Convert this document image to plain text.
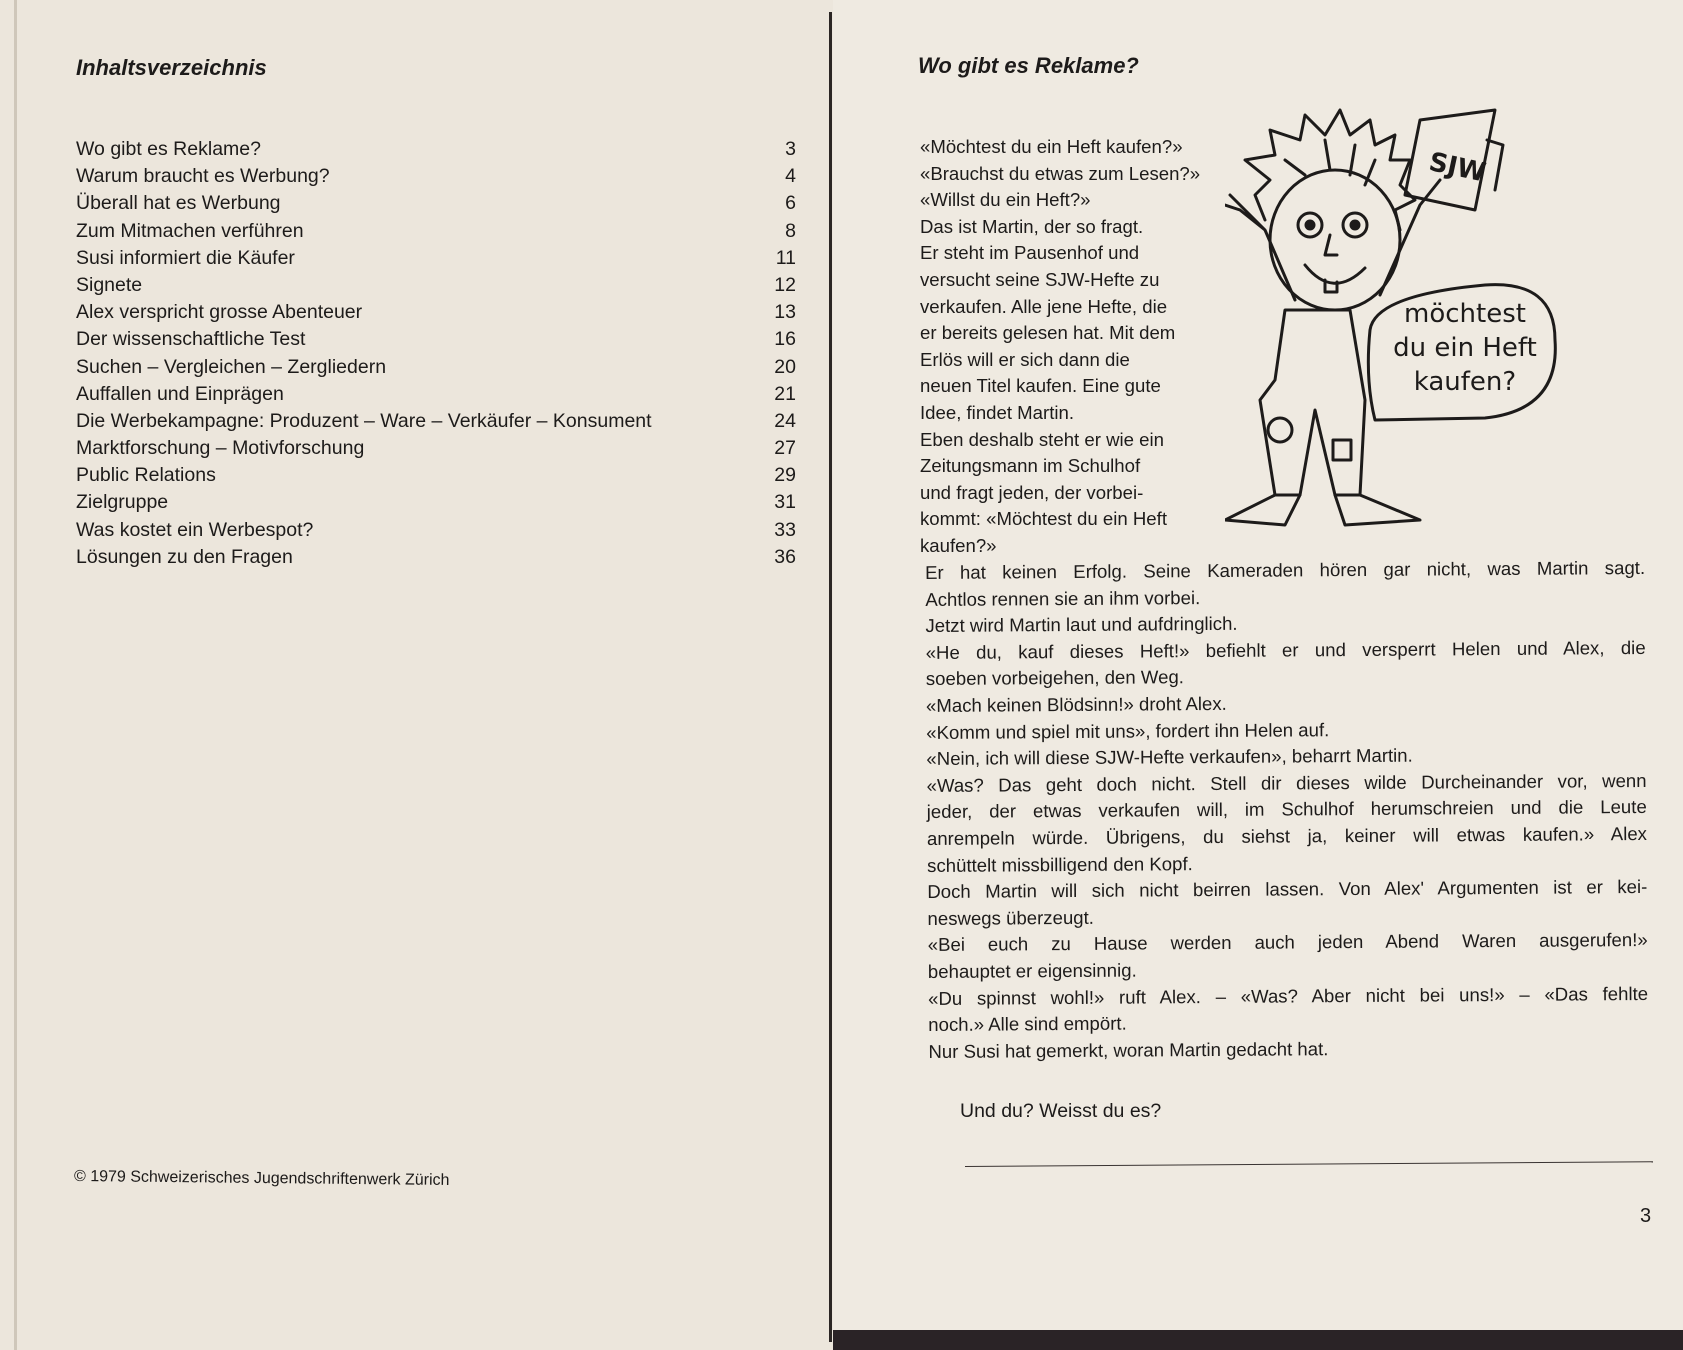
Inhaltsverzeichnis
Wo gibt es Reklame?	3
Warum braucht es Werbung?	4
Überall hat es Werbung	6
Zum Mitmachen verführen	8
Susi informiert die Käufer	11
Signete	12
Alex verspricht grosse Abenteuer	13
Der wissenschaftliche Test	16
Suchen – Vergleichen – Zergliedern	20
Auffallen und Einprägen	21
Die Werbekampagne: Produzent – Ware – Verkäufer – Konsument	24
Marktforschung – Motivforschung	27
Public Relations	29
Zielgruppe	31
Was kostet ein Werbespot?	33
Lösungen zu den Fragen	36
© 1979 Schweizerisches Jugendschriftenwerk Zürich
Wo gibt es Reklame?
«Möchtest du ein Heft kaufen?»
«Brauchst du etwas zum Lesen?»
«Willst du ein Heft?»
Das ist Martin, der so fragt.
Er steht im Pausenhof und
versucht seine SJW-Hefte zu
verkaufen. Alle jene Hefte, die
er bereits gelesen hat. Mit dem
Erlös will er sich dann die
neuen Titel kaufen. Eine gute
Idee, findet Martin.
Eben deshalb steht er wie ein
Zeitungsmann im Schulhof
und fragt jeden, der vorbei-
kommt: «Möchtest du ein Heft
kaufen?»
Er hat keinen Erfolg. Seine Kameraden hören gar nicht, was Martin sagt.
Achtlos rennen sie an ihm vorbei.
Jetzt wird Martin laut und aufdringlich.
«He du, kauf dieses Heft!» befiehlt er und versperrt Helen und Alex, die
soeben vorbeigehen, den Weg.
«Mach keinen Blödsinn!» droht Alex.
«Komm und spiel mit uns», fordert ihn Helen auf.
«Nein, ich will diese SJW-Hefte verkaufen», beharrt Martin.
«Was? Das geht doch nicht. Stell dir dieses wilde Durcheinander vor, wenn
jeder, der etwas verkaufen will, im Schulhof herumschreien und die Leute
anrempeln würde. Übrigens, du siehst ja, keiner will etwas kaufen.» Alex
schüttelt missbilligend den Kopf.
Doch Martin will sich nicht beirren lassen. Von Alex' Argumenten ist er kei-
neswegs überzeugt.
«Bei euch zu Hause werden auch jeden Abend Waren ausgerufen!»
behauptet er eigensinnig.
«Du spinnst wohl!» ruft Alex. – «Was? Aber nicht bei uns!» – «Das fehlte
noch.» Alle sind empört.
Nur Susi hat gemerkt, woran Martin gedacht hat.
SJW
möchtest
du ein Heft
kaufen?

Und du? Weisst du es?

3
